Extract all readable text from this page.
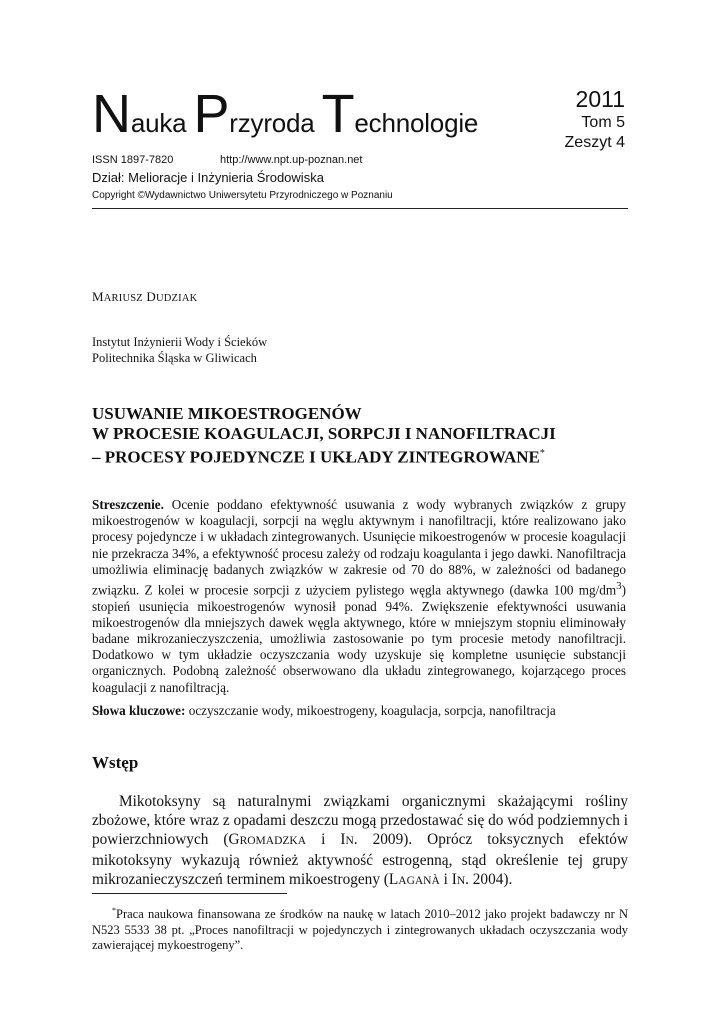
Nauka Przyroda Technologie
2011
Tom 5
Zeszyt 4
ISSN 1897-7820	http://www.npt.up-poznan.net
Dział: Melioracje i Inżynieria Środowiska
Copyright ©Wydawnictwo Uniwersytetu Przyrodniczego w Poznaniu
MARIUSZ DUDZIAK
Instytut Inżynierii Wody i Ścieków
Politechnika Śląska w Gliwicach
USUWANIE MIKOESTROGENÓW
W PROCESIE KOAGULACJI, SORPCJI I NANOFILTRACJI
– PROCESY POJEDYNCZE I UKŁADY ZINTEGROWANE*
Streszczenie. Ocenie poddano efektywność usuwania z wody wybranych związków z grupy mikoestrogenów w koagulacji, sorpcji na węglu aktywnym i nanofiltracji, które realizowano jako procesy pojedyncze i w układach zintegrowanych. Usunięcie mikoestrogenów w procesie koagulacji nie przekracza 34%, a efektywność procesu zależy od rodzaju koagulanta i jego dawki. Nanofiltracja umożliwia eliminację badanych związków w zakresie od 70 do 88%, w zależności od badanego związku. Z kolei w procesie sorpcji z użyciem pylistego węgla aktywnego (dawka 100 $mg/dm^3$) stopień usunięcia mikoestrogenów wynosił ponad 94%. Zwiększenie efektywności usuwania mikoestrogenów dla mniejszych dawek węgla aktywnego, które w mniejszym stopniu eliminowały badane mikrozanieczyszczenia, umożliwia zastosowanie po tym procesie metody nanofiltracji. Dodatkowo w tym układzie oczyszczania wody uzyskuje się kompletne usunięcie substancji organicznych. Podobną zależność obserwowano dla układu zintegrowanego, kojarzącego proces koagulacji z nanofiltracją.
Słowa kluczowe: oczyszczanie wody, mikoestrogeny, koagulacja, sorpcja, nanofiltracja
Wstęp
Mikotoksyny są naturalnymi związkami organicznymi skażającymi rośliny zbożowe, które wraz z opadami deszczu mogą przedostawać się do wód podziemnych i powierzchniowych (GROMADZKA i IN. 2009). Oprócz toksycznych efektów mikotoksyny wykazują również aktywność estrogenną, stąd określenie tej grupy mikrozanieczyszczeń terminem mikoestrogeny (LAGANÀ i IN. 2004).
*Praca naukowa finansowana ze środków na naukę w latach 2010–2012 jako projekt badawczy nr N N523 5533 38 pt. „Proces nanofiltracji w pojedynczych i zintegrowanych układach oczyszczania wody zawierającej mykoestrogeny”.
